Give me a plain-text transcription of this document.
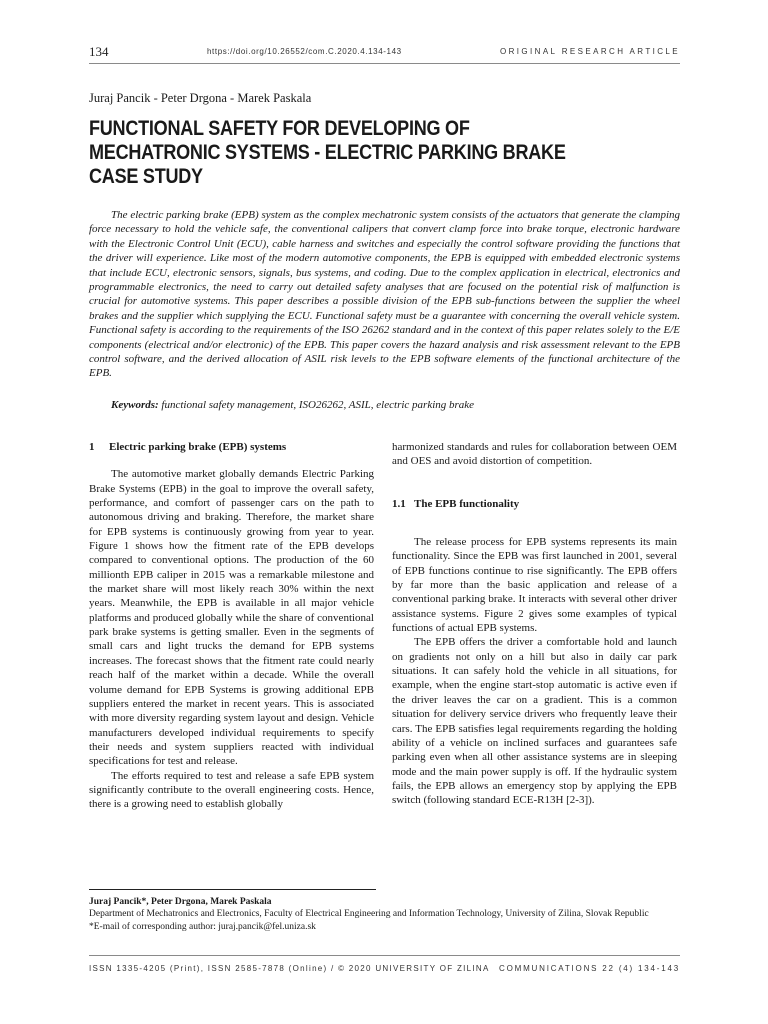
134	https://doi.org/10.26552/com.C.2020.4.134-143	ORIGINAL RESEARCH ARTICLE
Juraj Pancik - Peter Drgona - Marek Paskala
FUNCTIONAL SAFETY FOR DEVELOPING OF MECHATRONIC SYSTEMS - ELECTRIC PARKING BRAKE CASE STUDY

The electric parking brake (EPB) system as the complex mechatronic system consists of the actuators that generate the clamping force necessary to hold the vehicle safe, the conventional calipers that convert clamp force into brake torque, electronic hardware with the Electronic Control Unit (ECU), cable harness and switches and especially the control software providing the functions that the driver will experience. Like most of the modern automotive components, the EPB is equipped with embedded electronic systems that include ECU, electronic sensors, signals, bus systems, and coding. Due to the complex application in electrical, electronics and programmable electronics, the need to carry out detailed safety analyses that are focused on the potential risk of malfunction is crucial for automotive systems. This paper describes a possible division of the EPB sub-functions between the supplier the wheel brakes and the supplier which supplying the ECU. Functional safety must be a guarantee with concerning the overall vehicle system. Functional safety is according to the requirements of the ISO 26262 standard and in the context of this paper relates solely to the E/E components (electrical and/or electronic) of the EPB. This paper covers the hazard analysis and risk assessment relevant to the EPB control software, and the derived allocation of ASIL risk levels to the EPB software elements of the functional architecture of the EPB.

Keywords: functional safety management, ISO26262, ASIL, electric parking brake

1 Electric parking brake (EPB) systems

The automotive market globally demands Electric Parking Brake Systems (EPB) in the goal to improve the overall safety, performance, and comfort of passenger cars on the path to autonomous driving and braking. Therefore, the market share for EPB systems is continuously growing from year to year. Figure 1 shows how the fitment rate of the EPB develops compared to conventional options. The production of the 60 millionth EPB caliper in 2015 was a remarkable milestone and the market share will most likely reach 30% within the next years. Meanwhile, the EPB is available in all major vehicle platforms and produced globally while the share of conventional park brake systems is getting smaller. Even in the segments of small cars and light trucks the demand for EPB systems increases. The forecast shows that the fitment rate could nearly reach half of the market within a decade. While the overall volume demand for EPB Systems is growing additional EPB suppliers entered the market in recent years. This is associated with more diversity regarding system layout and design. Vehicle manufacturers developed individual requirements to specify their needs and system suppliers reacted with individual specifications for test and release.

The efforts required to test and release a safe EPB system significantly contribute to the overall engineering costs. Hence, there is a growing need to establish globally

harmonized standards and rules for collaboration between OEM and OES and avoid distortion of competition.

1.1 The EPB functionality

The release process for EPB systems represents its main functionality. Since the EPB was first launched in 2001, several of EPB functions continue to rise significantly. The EPB offers by far more than the basic application and release of a conventional parking brake. It interacts with several other driver assistance systems. Figure 2 gives some examples of typical functions of actual EPB systems.

The EPB offers the driver a comfortable hold and launch on gradients not only on a hill but also in daily car park situations. It can safely hold the vehicle in all situations, for example, when the engine start-stop automatic is active even if the driver leaves the car on a gradient. This is a common situation for delivery service drivers who frequently leave their cars. The EPB satisfies legal requirements regarding the holding ability of a vehicle on inclined surfaces and guarantees safe parking even when all other assistance systems are in sleeping mode and the main power supply is off. If the hydraulic system fails, the EPB allows an emergency stop by applying the EPB switch (following standard ECE-R13H [2-3]).

Juraj Pancik*, Peter Drgona, Marek Paskala
Department of Mechatronics and Electronics, Faculty of Electrical Engineering and Information Technology, University of Zilina, Slovak Republic
*E-mail of corresponding author: juraj.pancik@fel.uniza.sk
ISSN 1335-4205 (Print), ISSN 2585-7878 (Online) / © 2020 UNIVERSITY OF ZILINA COMMUNICATIONS 22 (4) 134-143
